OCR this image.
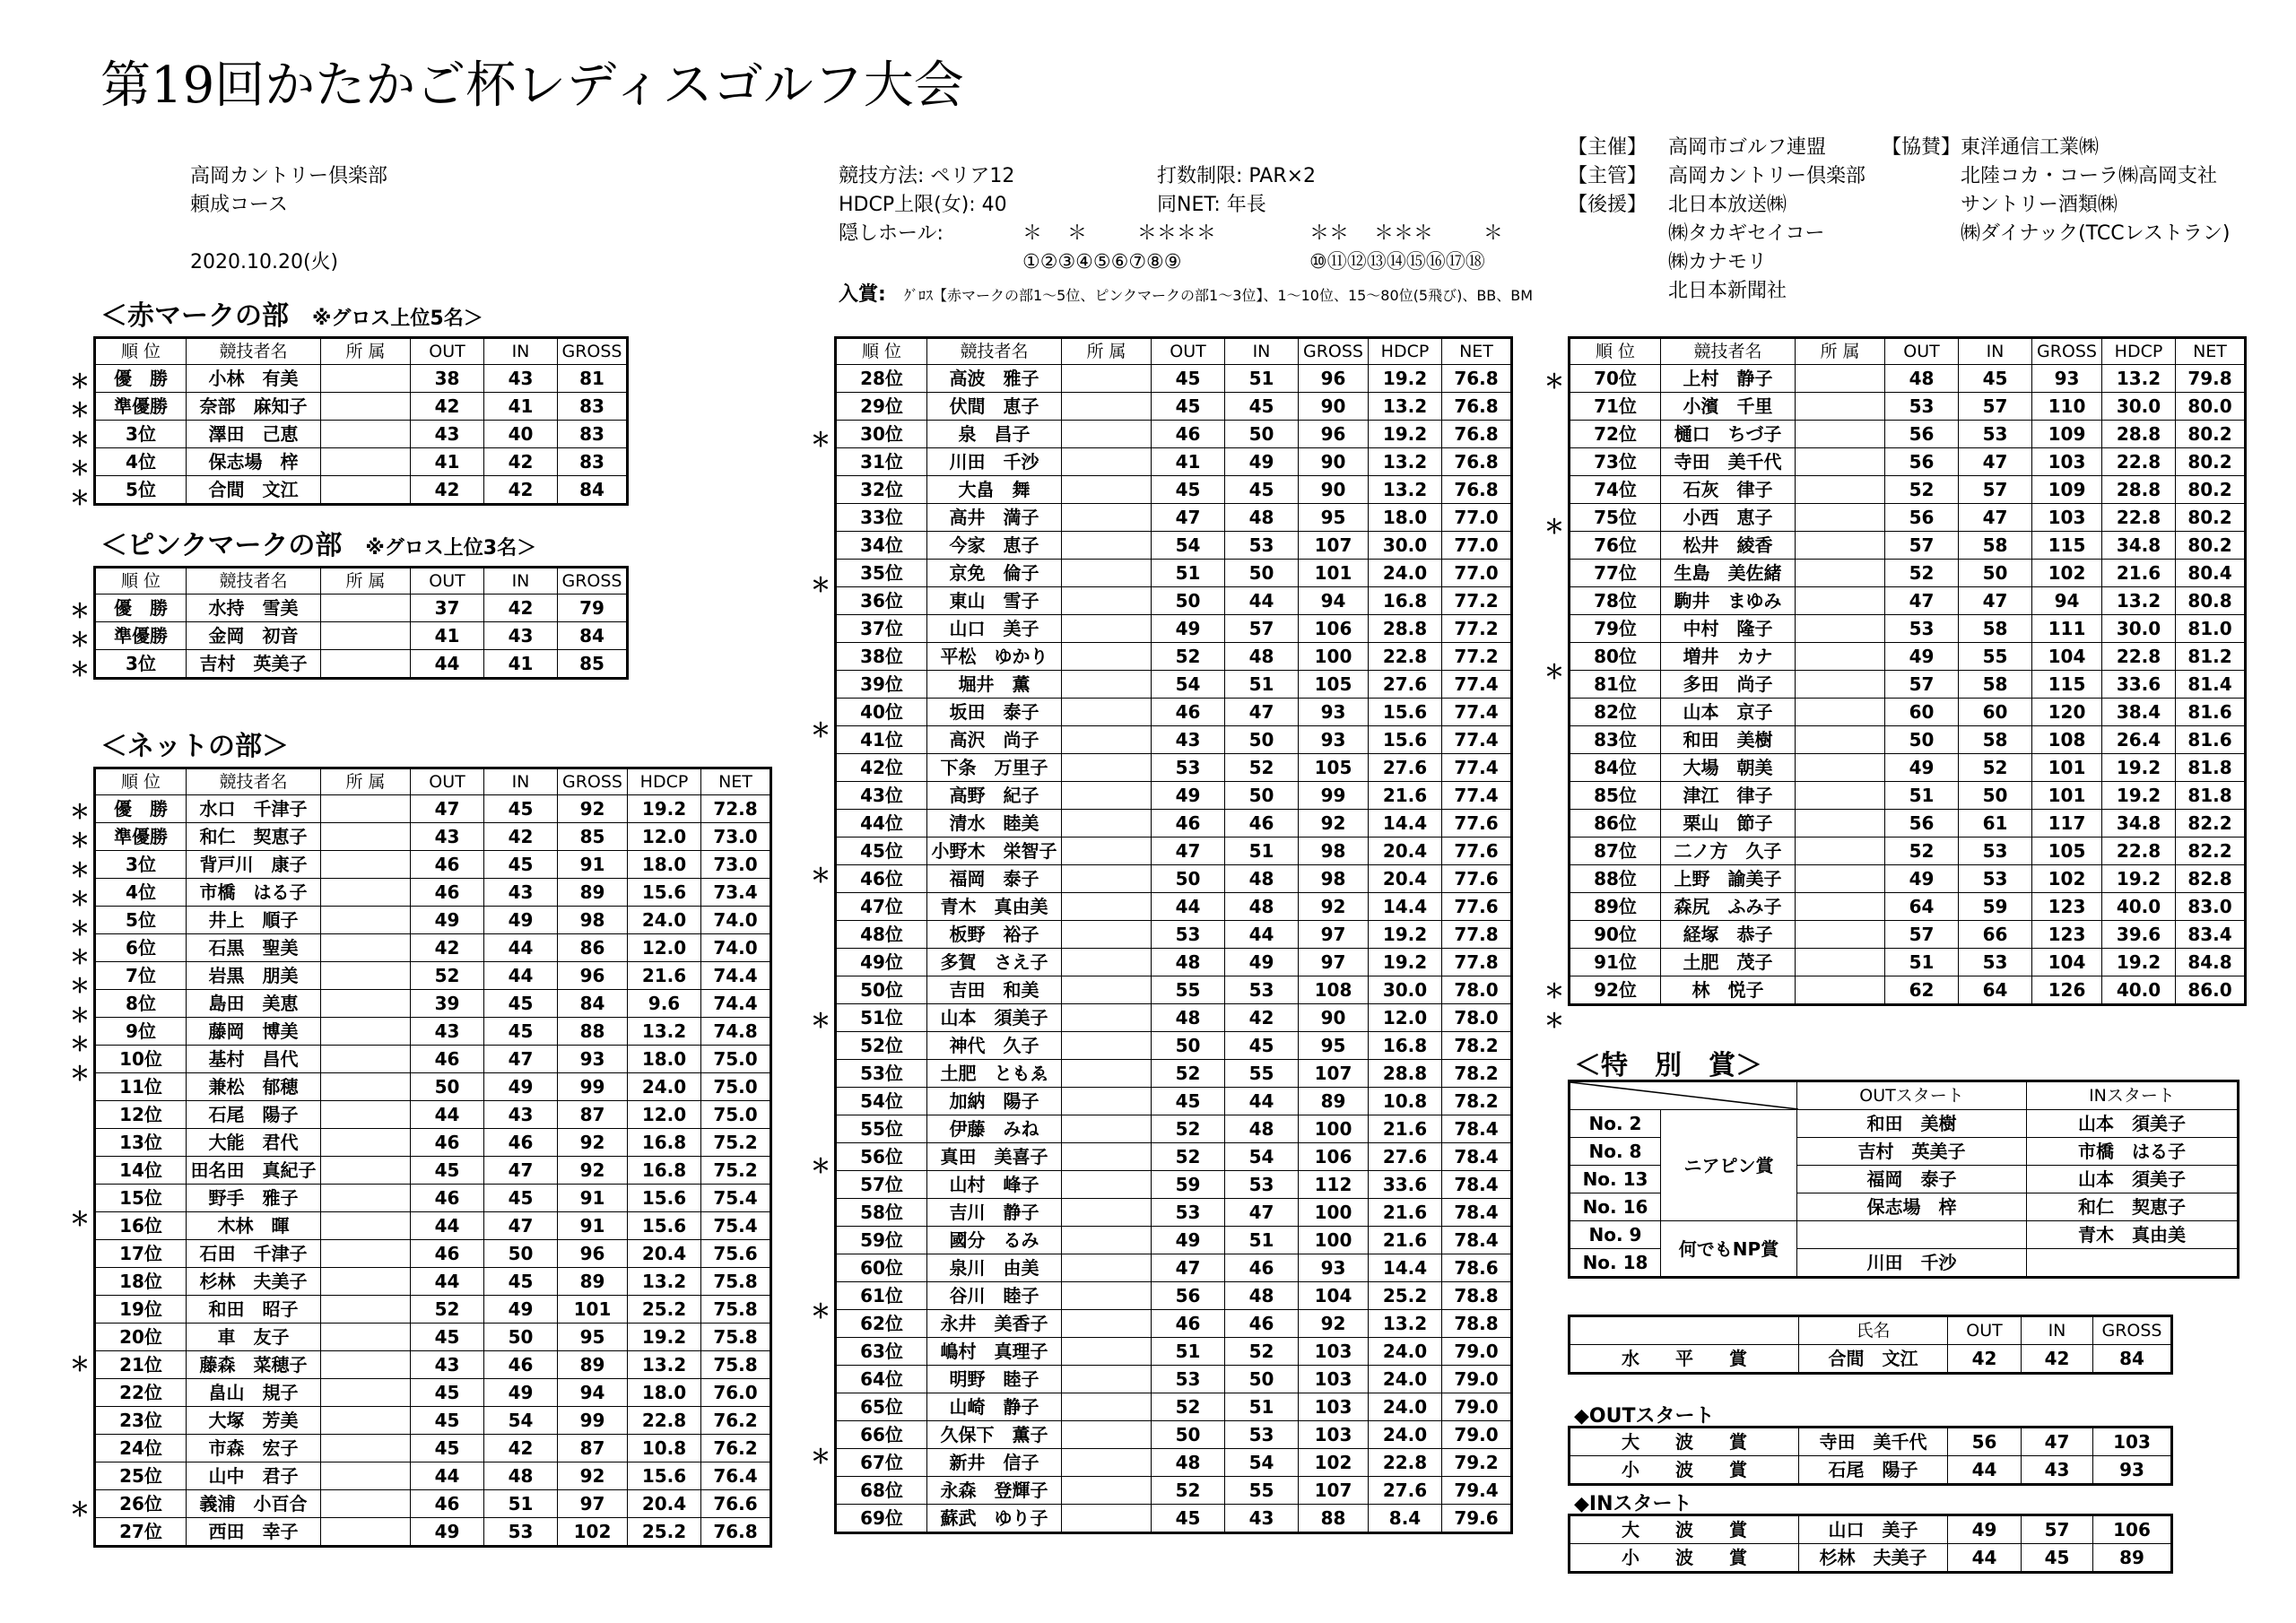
第19回かたかご杯レディスゴルフ大会
高岡カントリー倶楽部
頼成コース
2020.10.20(火)
競技方法: ペリア12	打数制限: PAR×2
HDCP上限(女): 40	同NET: 年長
隠しホール:	＊    ＊        ＊＊＊＊	＊＊    ＊＊＊        ＊
①②③④⑤⑥⑦⑧⑨	⑩⑪⑫⑬⑭⑮⑯⑰⑱
入賞: ｸﾞﾛｽ【赤マークの部1～5位、ピンクマークの部1～3位】、1～10位、15～80位(5飛び)、BB、BM
【主催】 高岡市ゴルフ連盟	【協賛】 東洋通信工業㈱
【主管】 高岡カントリー倶楽部	北陸コカ・コーラ㈱高岡支社
【後援】 北日本放送㈱	サントリー酒類㈱
㈱タカギセイコー	㈱ダイナック(TCCレストラン)
㈱カナモリ
北日本新聞社
＜赤マークの部 ※グロス上位5名＞
＜ピンクマークの部 ※グロス上位3名＞
＜ネットの部＞
＜特　別　賞＞
＊
＊
＊
＊
＊
順 位	競技者名	所 属	OUT	IN	GROSS
優　勝	小林　有美		38	43	81
準優勝	奈部　麻知子		42	41	83
3位	澤田　己恵		43	40	83
4位	保志場　梓		41	42	83
5位	合間　文江		42	42	84
＊
＊
＊
順 位	競技者名	所 属	OUT	IN	GROSS
優　勝	水持　雪美		37	42	79
準優勝	金岡　初音		41	43	84
3位	吉村　英美子		44	41	85
＊
＊
＊
＊
＊
＊
＊
＊
＊
＊
＊
＊
＊
順 位	競技者名	所 属	OUT	IN	GROSS	HDCP	NET
優　勝	水口　千津子		47	45	92	19.2	72.8
準優勝	和仁　契恵子		43	42	85	12.0	73.0
3位	背戸川　康子		46	45	91	18.0	73.0
4位	市橋　はる子		46	43	89	15.6	73.4
5位	井上　順子		49	49	98	24.0	74.0
6位	石黒　聖美		42	44	86	12.0	74.0
7位	岩黒　朋美		52	44	96	21.6	74.4
8位	島田　美恵		39	45	84	9.6	74.4
9位	藤岡　博美		43	45	88	13.2	74.8
10位	基村　昌代		46	47	93	18.0	75.0
11位	兼松　郁穂		50	49	99	24.0	75.0
12位	石尾　陽子		44	43	87	12.0	75.0
13位	大能　君代		46	46	92	16.8	75.2
14位	田名田　真紀子		45	47	92	16.8	75.2
15位	野手　雅子		46	45	91	15.6	75.4
16位	木林　暉		44	47	91	15.6	75.4
17位	石田　千津子		46	50	96	20.4	75.6
18位	杉林　夫美子		44	45	89	13.2	75.8
19位	和田　昭子		52	49	101	25.2	75.8
20位	車　友子		45	50	95	19.2	75.8
21位	藤森　菜穂子		43	46	89	13.2	75.8
22位	畠山　規子		45	49	94	18.0	76.0
23位	大塚　芳美		45	54	99	22.8	76.2
24位	市森　宏子		45	42	87	10.8	76.2
25位	山中　君子		44	48	92	15.6	76.4
26位	義浦　小百合		46	51	97	20.4	76.6
27位	西田　幸子		49	53	102	25.2	76.8
＊
＊
＊
＊
＊
＊
＊
＊
順 位	競技者名	所 属	OUT	IN	GROSS	HDCP	NET
28位	高波　雅子		45	51	96	19.2	76.8
29位	伏間　恵子		45	45	90	13.2	76.8
30位	泉　昌子		46	50	96	19.2	76.8
31位	川田　千沙		41	49	90	13.2	76.8
32位	大畠　舞		45	45	90	13.2	76.8
33位	高井　満子		47	48	95	18.0	77.0
34位	今家　恵子		54	53	107	30.0	77.0
35位	京免　倫子		51	50	101	24.0	77.0
36位	東山　雪子		50	44	94	16.8	77.2
37位	山口　美子		49	57	106	28.8	77.2
38位	平松　ゆかり		52	48	100	22.8	77.2
39位	堀井　薫		54	51	105	27.6	77.4
40位	坂田　泰子		46	47	93	15.6	77.4
41位	高沢　尚子		43	50	93	15.6	77.4
42位	下条　万里子		53	52	105	27.6	77.4
43位	高野　紀子		49	50	99	21.6	77.4
44位	清水　睦美		46	46	92	14.4	77.6
45位	小野木　栄智子		47	51	98	20.4	77.6
46位	福岡　泰子		50	48	98	20.4	77.6
47位	青木　真由美		44	48	92	14.4	77.6
48位	板野　裕子		53	44	97	19.2	77.8
49位	多賀　さえ子		48	49	97	19.2	77.8
50位	吉田　和美		55	53	108	30.0	78.0
51位	山本　須美子		48	42	90	12.0	78.0
52位	神代　久子		50	45	95	16.8	78.2
53位	土肥　ともゑ		52	55	107	28.8	78.2
54位	加納　陽子		45	44	89	10.8	78.2
55位	伊藤　みね		52	48	100	21.6	78.4
56位	真田　美喜子		52	54	106	27.6	78.4
57位	山村　峰子		59	53	112	33.6	78.4
58位	吉川　静子		53	47	100	21.6	78.4
59位	國分　るみ		49	51	100	21.6	78.4
60位	泉川　由美		47	46	93	14.4	78.6
61位	谷川　睦子		56	48	104	25.2	78.8
62位	永井　美香子		46	46	92	13.2	78.8
63位	嶋村　真理子		51	52	103	24.0	79.0
64位	明野　睦子		53	50	103	24.0	79.0
65位	山崎　静子		52	51	103	24.0	79.0
66位	久保下　薫子		50	53	103	24.0	79.0
67位	新井　信子		48	54	102	22.8	79.2
68位	永森　登輝子		52	55	107	27.6	79.4
69位	蘇武　ゆり子		45	43	88	8.4	79.6
＊
＊
＊
＊
＊
順 位	競技者名	所 属	OUT	IN	GROSS	HDCP	NET
70位	上村　静子		48	45	93	13.2	79.8
71位	小濱　千里		53	57	110	30.0	80.0
72位	樋口　ちづ子		56	53	109	28.8	80.2
73位	寺田　美千代		56	47	103	22.8	80.2
74位	石灰　律子		52	57	109	28.8	80.2
75位	小西　恵子		56	47	103	22.8	80.2
76位	松井　綾香		57	58	115	34.8	80.2
77位	生島　美佐緒		52	50	102	21.6	80.4
78位	駒井　まゆみ		47	47	94	13.2	80.8
79位	中村　隆子		53	58	111	30.0	81.0
80位	増井　カナ		49	55	104	22.8	81.2
81位	多田　尚子		57	58	115	33.6	81.4
82位	山本　京子		60	60	120	38.4	81.6
83位	和田　美樹		50	58	108	26.4	81.6
84位	大場　朝美		49	52	101	19.2	81.8
85位	津江　律子		51	50	101	19.2	81.8
86位	栗山　節子		56	61	117	34.8	82.2
87位	二ノ方　久子		52	53	105	22.8	82.2
88位	上野　諭美子		49	53	102	19.2	82.8
89位	森尻　ふみ子		64	59	123	40.0	83.0
90位	経塚　恭子		57	66	123	39.6	83.4
91位	土肥　茂子		51	53	104	19.2	84.8
92位	林　悦子		62	64	126	40.0	86.0
	OUTスタート	INスタート
No. 2	ニアピン賞	和田　美樹	山本　須美子
No. 8		吉村　英美子	市橋　はる子
No. 13		福岡　泰子	山本　須美子
No. 16		保志場　梓	和仁　契恵子
No. 9	何でもNP賞		青木　真由美
No. 18		川田　千沙	
	氏名	OUT	IN	GROSS
水　　平　　賞	合間　文江	42	42	84
◆OUTスタート
大　　波　　賞	寺田　美千代	56	47	103
小　　波　　賞	石尾　陽子	44	43	93
◆INスタート
大　　波　　賞	山口　美子	49	57	106
小　　波　　賞	杉林　夫美子	44	45	89
